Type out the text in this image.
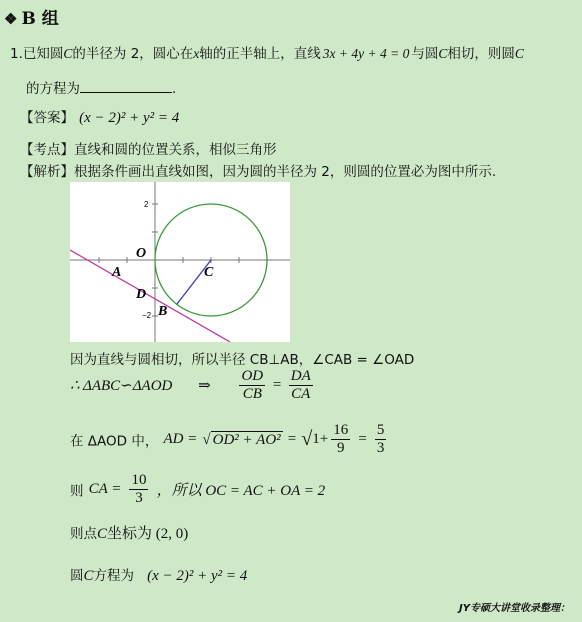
❖ B 组
1.已知圆C的半径为 2，圆心在x轴的正半轴上，直线 3x + 4y + 4 = 0 与圆C相切，则圆C
的方程为	.
【答案】 (x − 2)² + y² = 4
【考点】直线和圆的位置关系，相似三角形
【解析】根据条件画出直线如图，因为圆的半径为 2，则圆的位置必为图中所示.
O
A	C
D
B
2
−2
因为直线与圆相切，所以半径 CB⊥AB，∠CAB = ∠OAD
∴ ΔABC∽ΔAOD ⇒ $\frac{OD}{CB} = \frac{DA}{CA}$
在 ΔAOD 中， AD = √ $OD^2 + AO^2 = √1+ \frac{16}{9} = \frac{5}{3}$
则 CA = $\frac{10}{3}$ ，所以 OC = AC + OA = 2
则点C坐标为 (2, 0)
圆C方程为 (x − 2)² + y² = 4
JY专硕大讲堂收录整理：
